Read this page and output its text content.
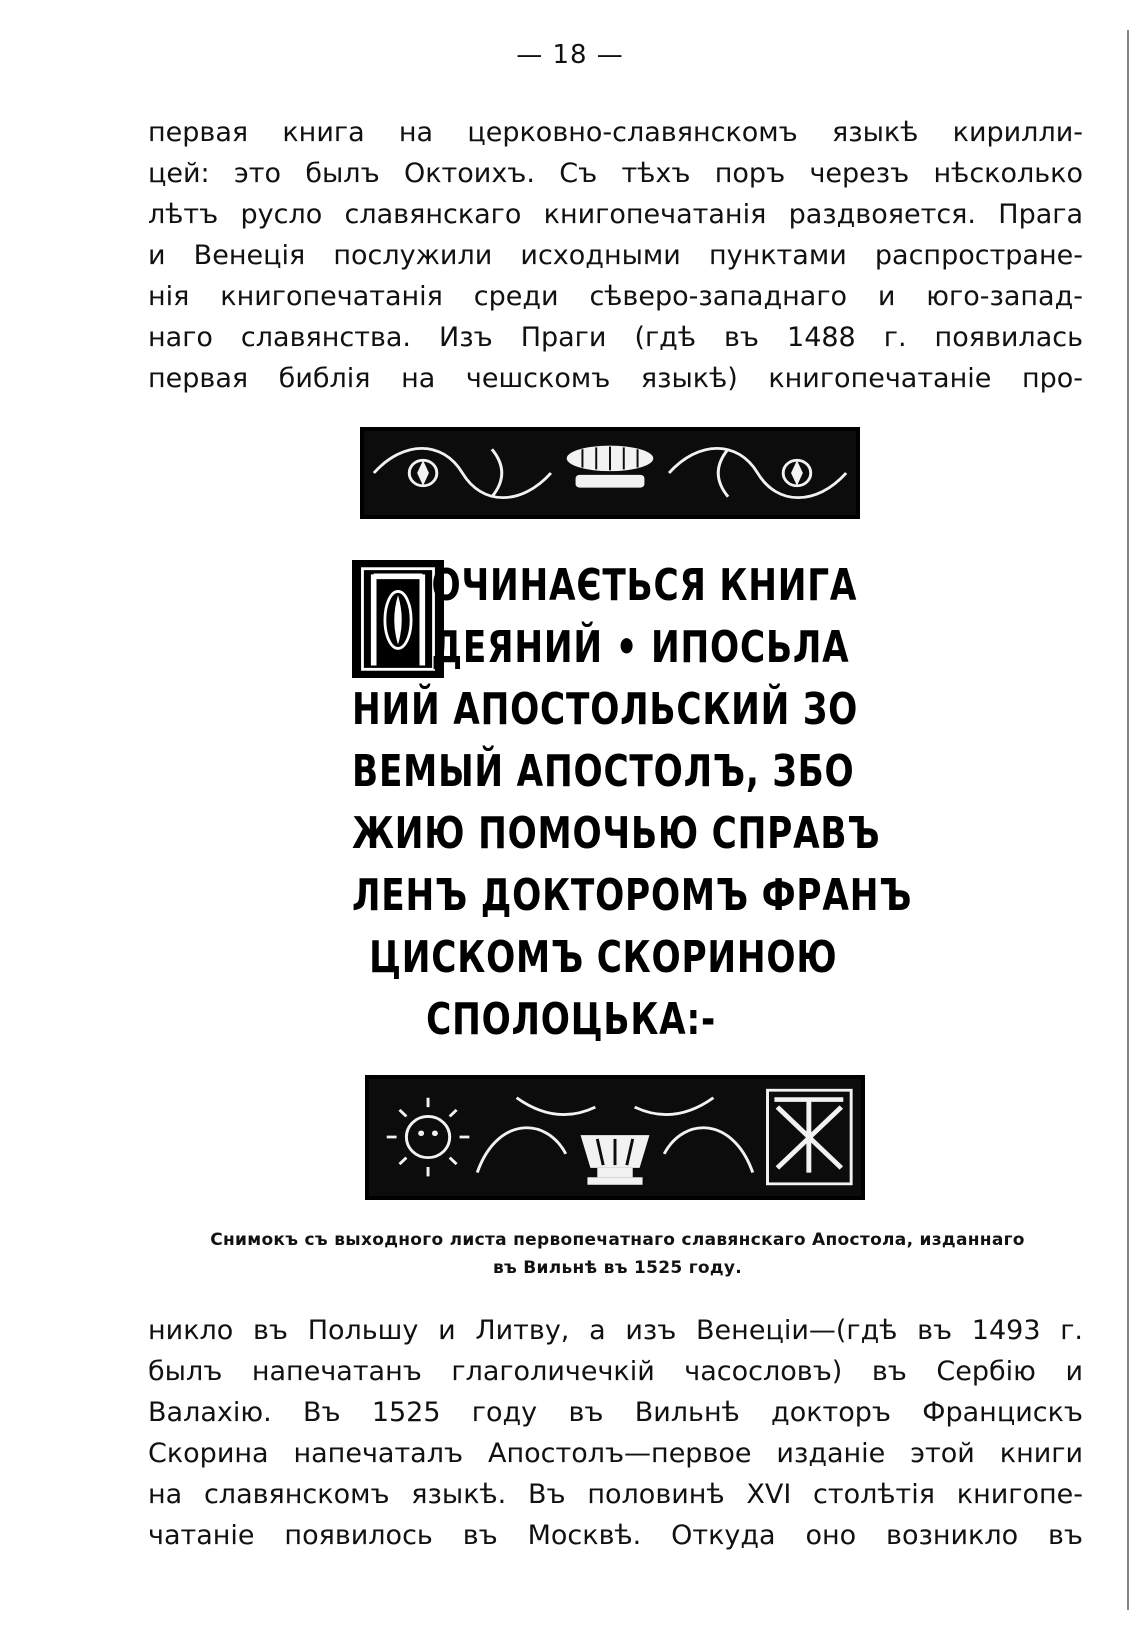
— 18 —
первая книга на церковно-славянскомъ языкѣ кирилли-
цей: это былъ Октоихъ. Съ тѣхъ поръ черезъ нѣсколько
лѣтъ русло славянскаго книгопечатанія раздвояется. Прага
и Венеція послужили исходными пунктами распростране-
нія книгопечатанія среди сѣверо-западнаго и юго-запад-
наго славянства. Изъ Праги (гдѣ въ 1488 г. появилась
первая библія на чешскомъ языкѣ) книгопечатаніе про-
ОЧИНАЄТЬСЯ КНИГА
ДЕЯНИЙ • ИПОСЬЛА
НИЙ АПОСТОЛЬСКИЙ ЗО
ВЕМЫЙ АПОСТОЛЪ, ЗБО
ЖИЮ ПОМОЧЬЮ СПРАВЪ
ЛЕНЪ ДОКТОРОМЪ ФРАНЪ
ЦИСКОМЪ СКОРИНОЮ
СПОЛОЦЬКА:-
Снимокъ съ выходного листа первопечатнаго славянскаго Апостола, изданнаго
въ Вильнѣ въ 1525 году.
никло въ Польшу и Литву, а изъ Венеціи—(гдѣ въ 1493 г.
былъ напечатанъ глаголичечкій часословъ) въ Сербію и
Валахію. Въ 1525 году въ Вильнѣ докторъ Францискъ
Скорина напечаталъ Апостолъ—первое изданіе этой книги
на славянскомъ языкѣ. Въ половинѣ XVI столѣтія книгопе-
чатаніе появилось въ Москвѣ. Откуда оно возникло въ
